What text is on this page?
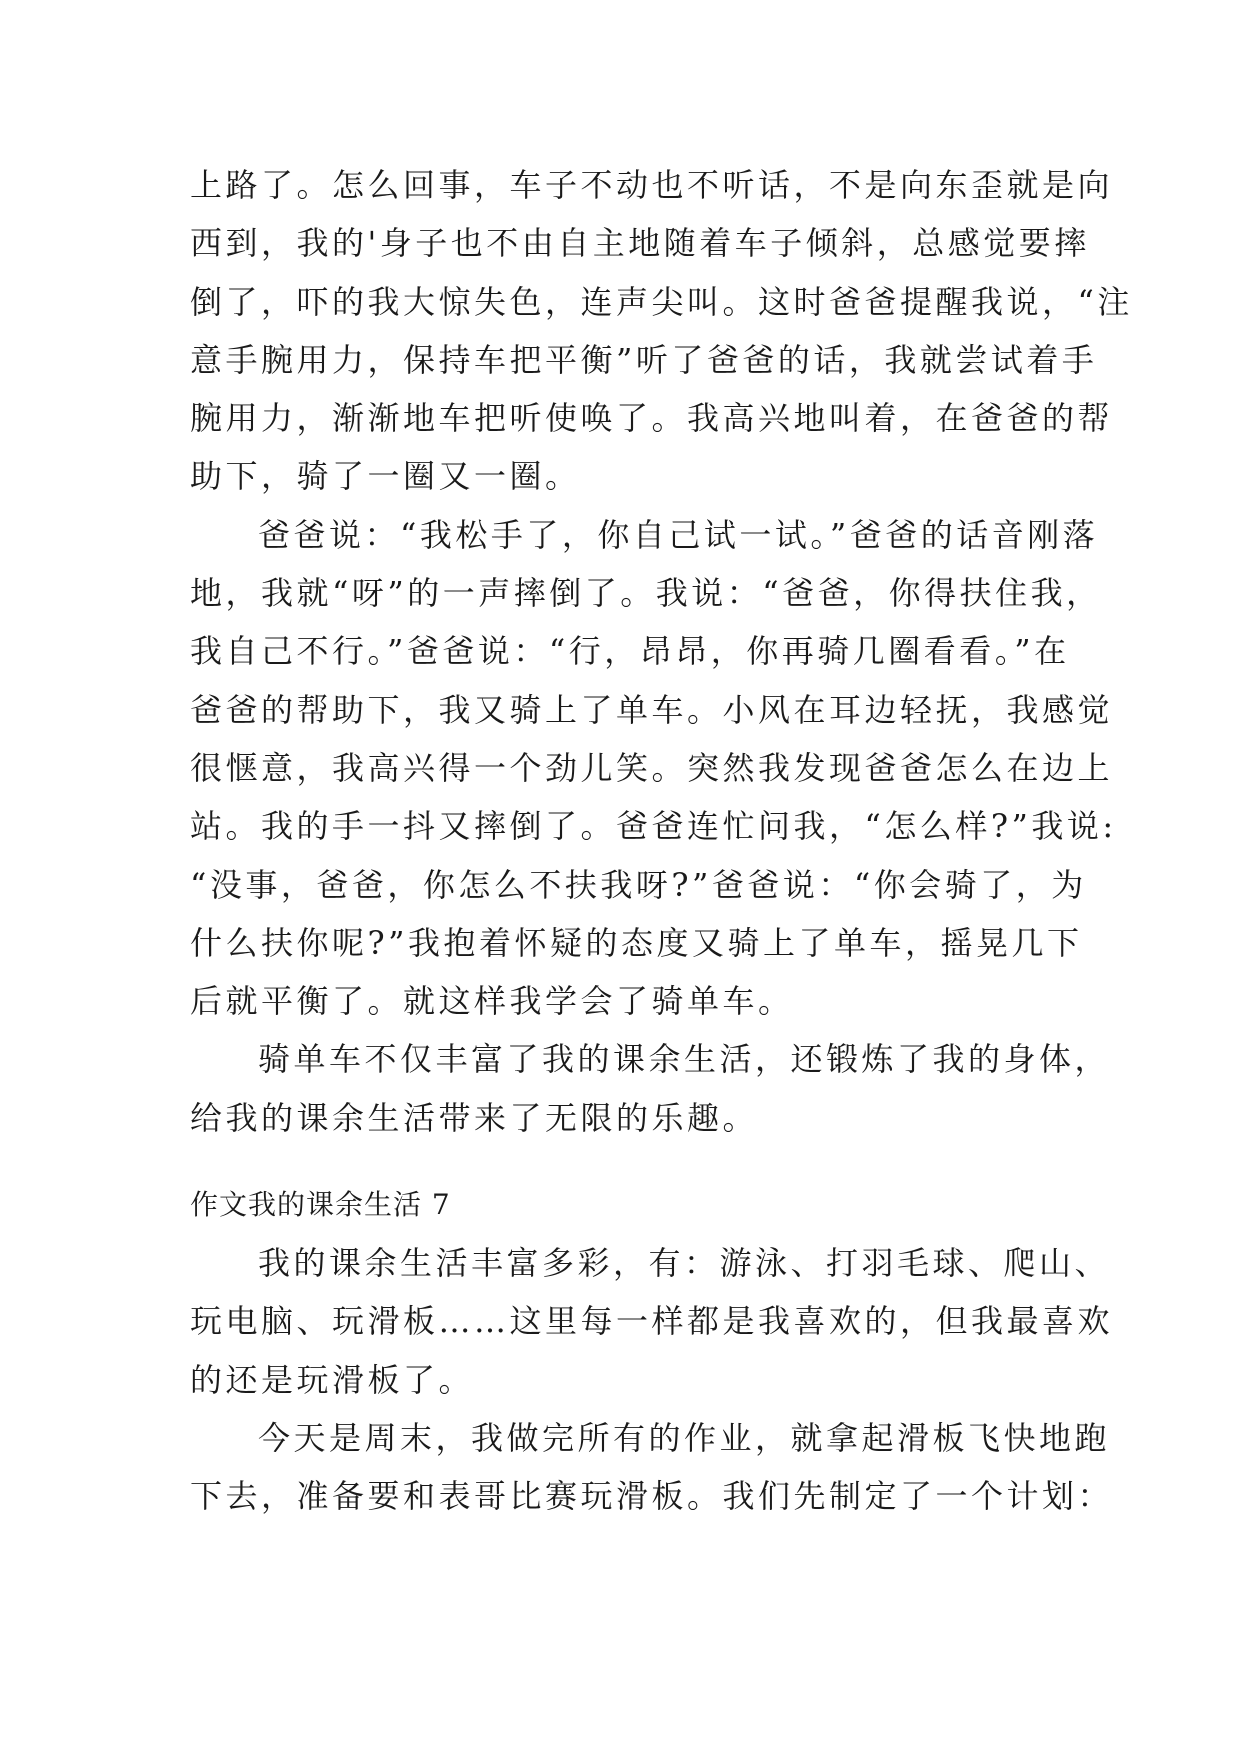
上路了。怎么回事，车子不动也不听话，不是向东歪就是向
西到，我的'身子也不由自主地随着车子倾斜，总感觉要摔
倒了，吓的我大惊失色，连声尖叫。这时爸爸提醒我说，“注
意手腕用力，保持车把平衡”听了爸爸的话，我就尝试着手
腕用力，渐渐地车把听使唤了。我高兴地叫着，在爸爸的帮
助下，骑了一圈又一圈。
爸爸说：“我松手了，你自己试一试。”爸爸的话音刚落
地，我就“呀”的一声摔倒了。我说：“爸爸，你得扶住我，
我自己不行。”爸爸说：“行，昂昂，你再骑几圈看看。”在
爸爸的帮助下，我又骑上了单车。小风在耳边轻抚，我感觉
很惬意，我高兴得一个劲儿笑。突然我发现爸爸怎么在边上
站。我的手一抖又摔倒了。爸爸连忙问我，“怎么样?”我说:
“没事，爸爸，你怎么不扶我呀?”爸爸说：“你会骑了，为
什么扶你呢?”我抱着怀疑的态度又骑上了单车，摇晃几下
后就平衡了。就这样我学会了骑单车。
骑单车不仅丰富了我的课余生活，还锻炼了我的身体，
给我的课余生活带来了无限的乐趣。
作文我的课余生活 7
我的课余生活丰富多彩，有：游泳、打羽毛球、爬山、
玩电脑、玩滑板……这里每一样都是我喜欢的，但我最喜欢
的还是玩滑板了。
今天是周末，我做完所有的作业，就拿起滑板飞快地跑
下去，准备要和表哥比赛玩滑板。我们先制定了一个计划：
